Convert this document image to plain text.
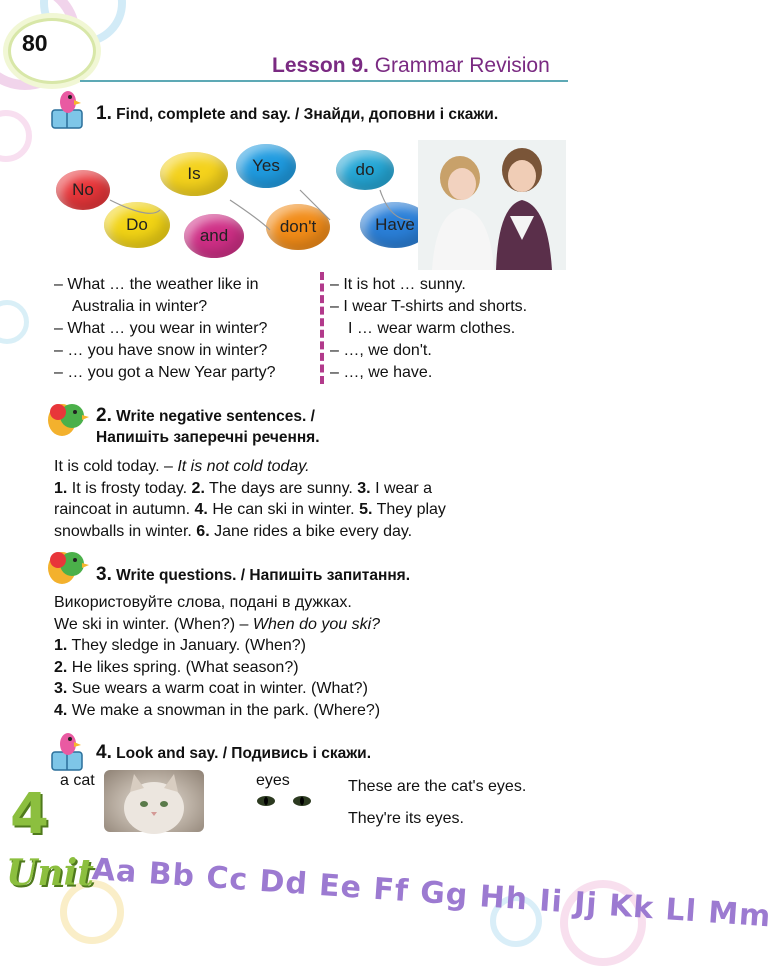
80
Lesson 9. Grammar Revision
1. Find, complete and say. / Знайди, доповни і скажи.
No
Is	Yes	do
Do
and	don't	Have
– What … the weather like in
Australia in winter?
– What … you wear in winter?
– … you have snow in winter?
– … you got a New Year party?
– It is hot … sunny.
– I wear T-shirts and shorts.
I … wear warm clothes.
– …, we don't.
– …, we have.
2. Write negative sentences. /
Напишіть заперечні речення.
It is cold today. – It is not cold today.
1. It is frosty today. 2. The days are sunny. 3. I wear a
raincoat in autumn. 4. He can ski in winter. 5. They play
snowballs in winter. 6. Jane rides a bike every day.
3. Write questions. / Напишіть запитання.
Використовуйте слова, подані в дужках.
We ski in winter. (When?) – When do you ski?
1. They sledge in January. (When?)
2. He likes spring. (What season?)
3. Sue wears a warm coat in winter. (What?)
4. We make a snowman in the park. (Where?)
4. Look and say. / Подивись і скажи.
a cat	eyes	These are the cat's eyes.
They're its eyes.
4
Unit
Aa Bb Cc Dd Ee Ff Gg Hh Ii Jj Kk Ll Mm
